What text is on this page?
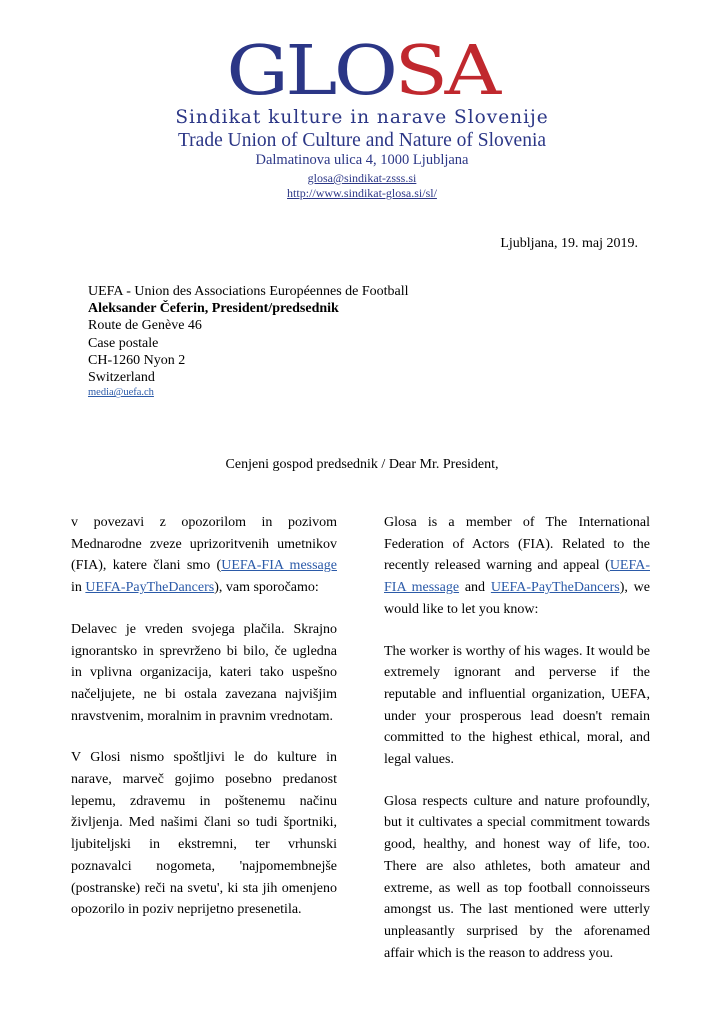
GLOSA
Sindikat kulture in narave Slovenije
Trade Union of Culture and Nature of Slovenia
Dalmatinova ulica 4, 1000 Ljubljana
glosa@sindikat-zsss.si
http://www.sindikat-glosa.si/sl/
Ljubljana, 19. maj 2019.
UEFA - Union des Associations Européennes de Football
Aleksander Čeferin, President/predsednik
Route de Genève 46
Case postale
CH-1260 Nyon 2
Switzerland
media@uefa.ch
Cenjeni gospod predsednik / Dear Mr. President,

v povezavi z opozorilom in pozivom Mednarodne zveze uprizoritvenih umetnikov (FIA), katere člani smo (UEFA-FIA message in UEFA-PayTheDancers), vam sporočamo:

Delavec je vreden svojega plačila. Skrajno ignorantsko in sprevrženo bi bilo, če ugledna in vplivna organizacija, kateri tako uspešno načeljujete, ne bi ostala zavezana najvišjim nravstvenim, moralnim in pravnim vrednotam.

V Glosi nismo spoštljivi le do kulture in narave, marveč gojimo posebno predanost lepemu, zdravemu in poštenemu načinu življenja. Med našimi člani so tudi športniki, ljubiteljski in ekstremni, ter vrhunski poznavalci nogometa, 'najpomembnejše (postranske) reči na svetu', ki sta jih omenjeno opozorilo in poziv neprijetno presenetila.

Glosa is a member of The International Federation of Actors (FIA). Related to the recently released warning and appeal (UEFA-FIA message and UEFA-PayTheDancers), we would like to let you know:

The worker is worthy of his wages. It would be extremely ignorant and perverse if the reputable and influential organization, UEFA, under your prosperous lead doesn't remain committed to the highest ethical, moral, and legal values.

Glosa respects culture and nature profoundly, but it cultivates a special commitment towards good, healthy, and honest way of life, too. There are also athletes, both amateur and extreme, as well as top football connoisseurs amongst us. The last mentioned were utterly unpleasantly surprised by the aforenamed affair which is the reason to address you.
